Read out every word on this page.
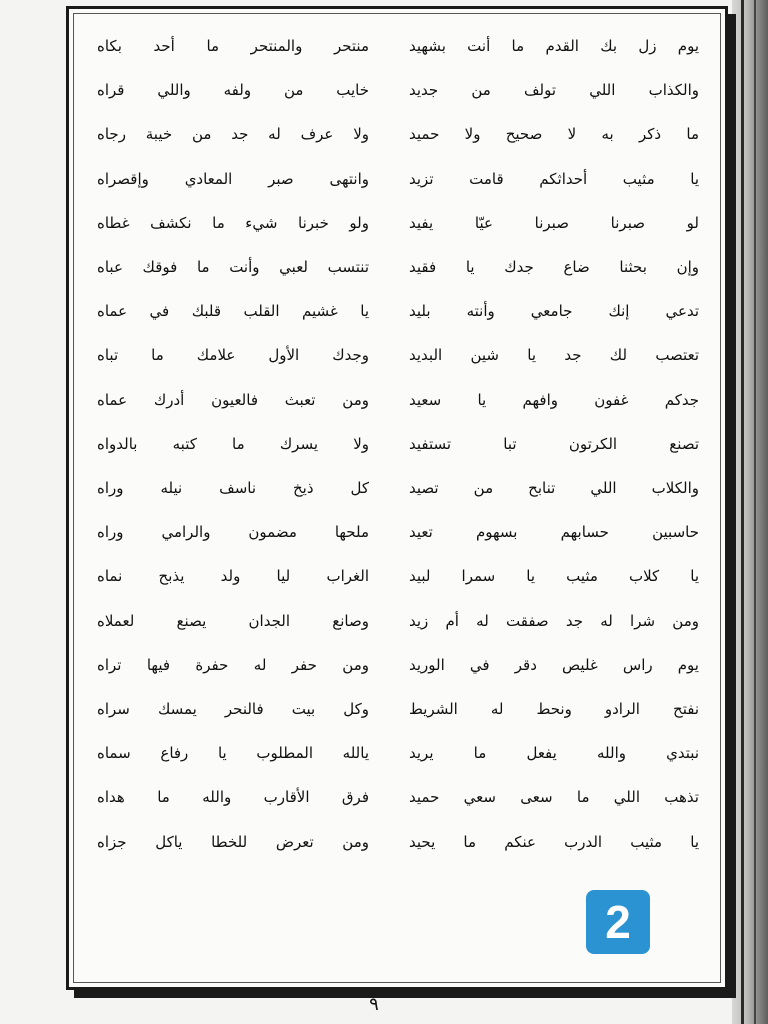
يوم زل بك القدم ما أنت بشهيد
منتحر والمنتحر ما أحد بكاه
والكذاب اللي تولف من جديد
خايب من ولفه واللي قراه
ما ذكر به لا صحيح ولا حميد
ولا عرف له جد من خيبة رجاه
يا مثيب أحداثكم قامت تزيد
وانتهى صبر المعادي وإقصراه
لو صبرنا صبرنا عيّا يفيد
ولو خبرنا شيء ما نكشف غطاه
وإن بحثنا ضاع جدك يا فقيد
تنتسب لعبي وأنت ما فوقك عباه
تدعي إنك جامعي وأنته بليد
يا غشيم القلب قلبك في عماه
تعتصب لك جد يا شين البديد
وجدك الأول علامك ما تباه
جدكم غفون وافهم يا سعيد
ومن تعبث فالعيون أدرك عماه
تصنع الكرتون تبا تستفيد
ولا يسرك ما كتبه بالدواه
والكلاب اللي تنابح من تصيد
كل ذيخ ناسف نيله وراه
حاسبين حسابهم بسهوم تعيد
ملحها مضمون والرامي وراه
يا كلاب مثيب يا سمرا لبيد
الغراب ليا ولد يذبح نماه
ومن شرا له جد صفقت له أم زيد
وصانع الجدان يصنع لعملاه
يوم راس غليص دقر في الوريد
ومن حفر له حفرة فيها تراه
نفتح الرادو ونحط له الشريط
وكل بيت فالنحر يمسك سراه
نبتدي والله يفعل ما يريد
يالله المطلوب يا رفاع سماه
تذهب اللي ما سعى سعي حميد
فرق الأقارب والله ما هداه
يا مثيب الدرب عنكم ما يحيد
ومن تعرض للخطا ياكل جزاه
2
٩
